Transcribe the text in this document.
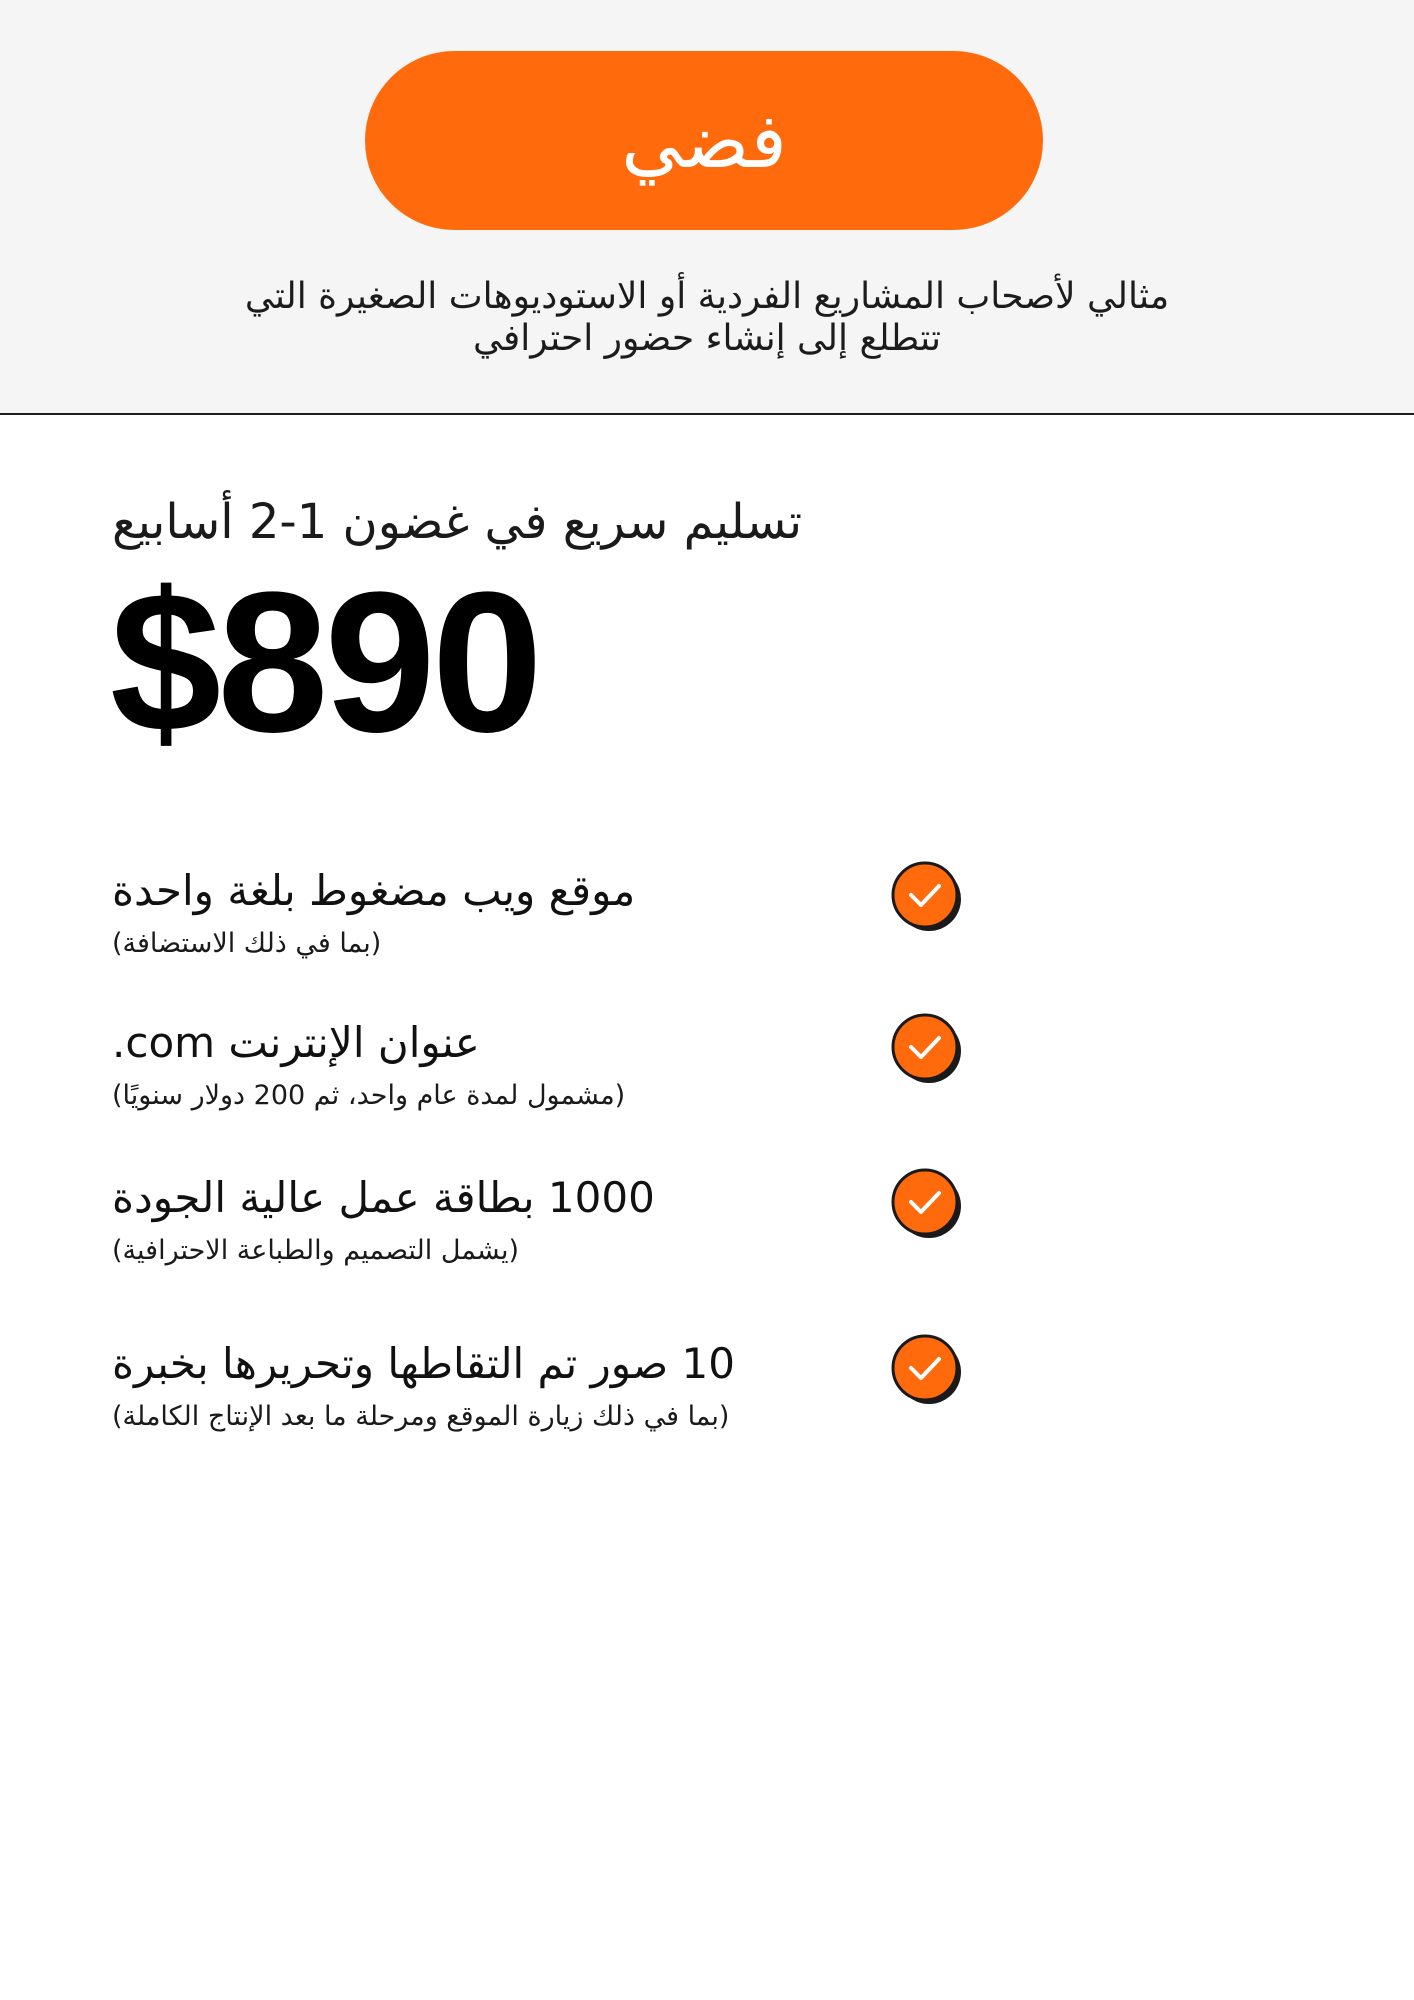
فضي
مثالي لأصحاب المشاريع الفردية أو الاستوديوهات الصغيرة التي تتطلع إلى إنشاء حضور احترافي
تسليم سريع في غضون 1-2 أسابيع
$890
موقع ويب مضغوط بلغة واحدة
(بما في ذلك الاستضافة)
.com عنوان الإنترنت
(مشمول لمدة عام واحد، ثم 200 دولار سنويًا)
1000 بطاقة عمل عالية الجودة
(يشمل التصميم والطباعة الاحترافية)
10 صور تم التقاطها وتحريرها بخبرة
(بما في ذلك زيارة الموقع ومرحلة ما بعد الإنتاج الكاملة)
